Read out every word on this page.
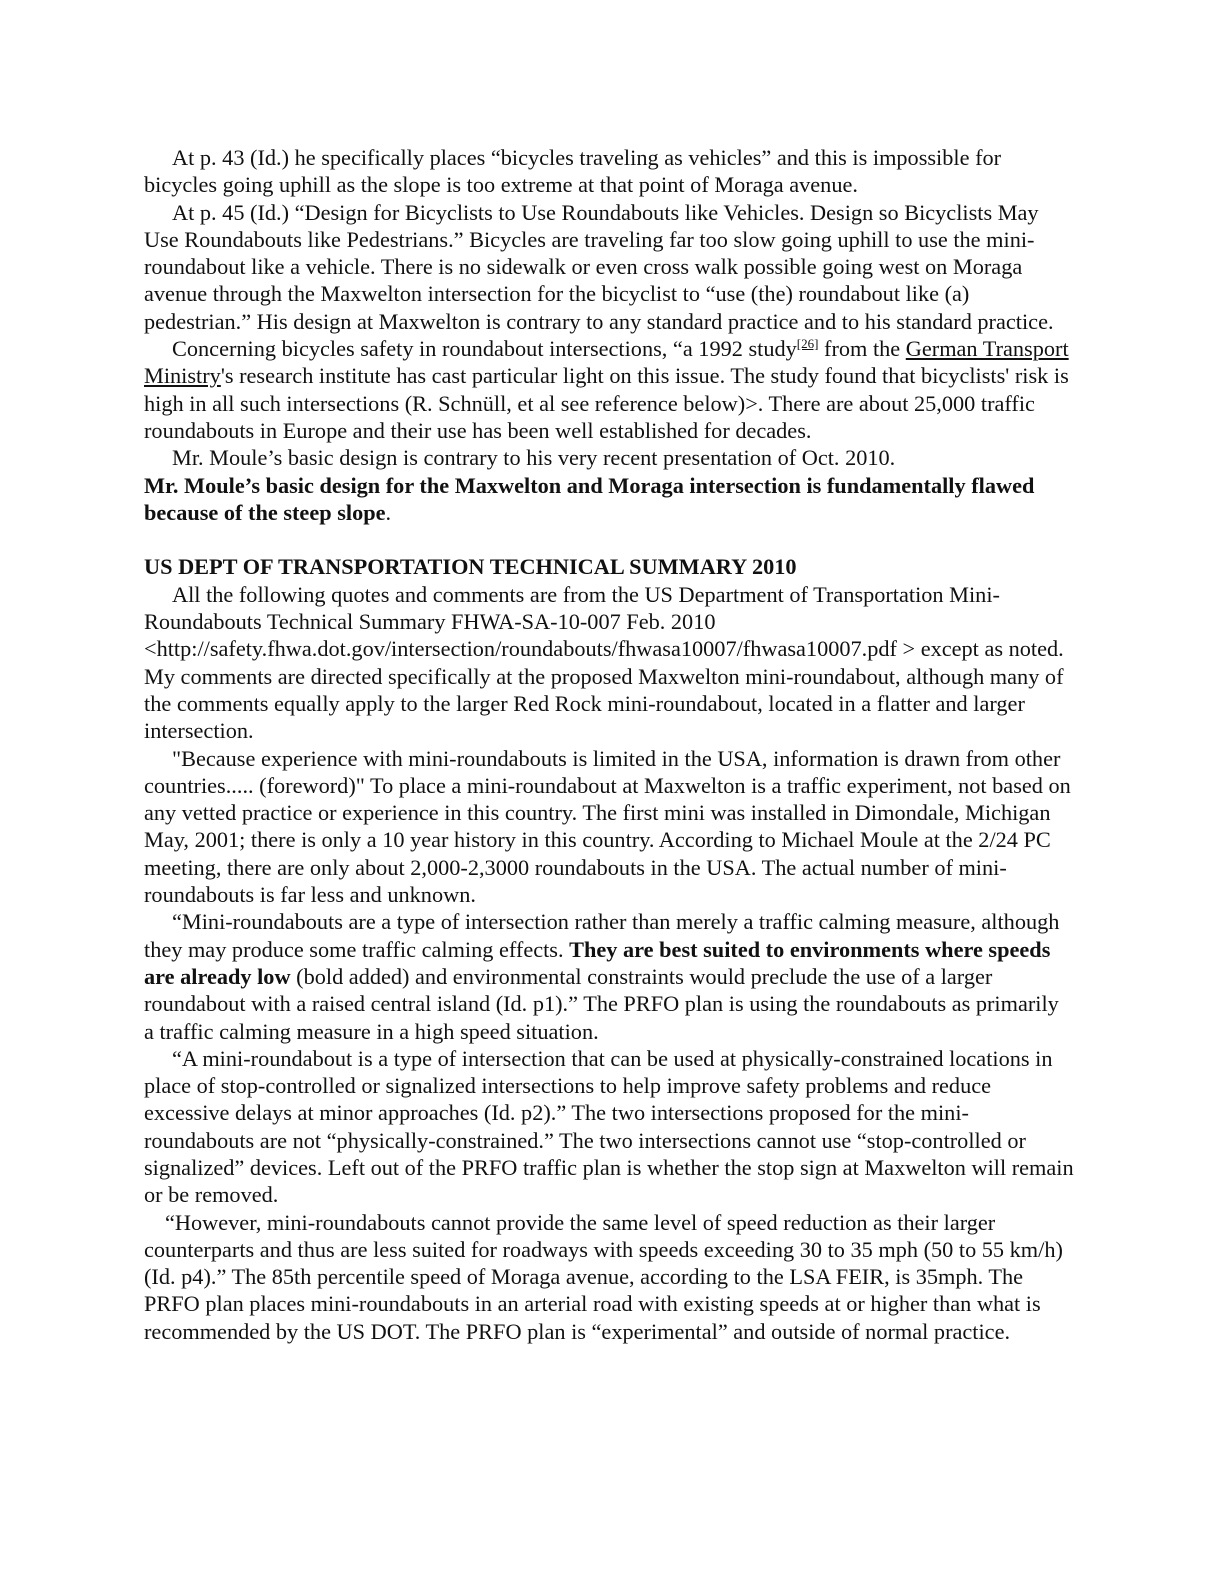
At p. 43 (Id.) he specifically places “bicycles traveling as vehicles” and this is impossible for bicycles going uphill as the slope is too extreme at that point of Moraga avenue.

At p. 45 (Id.) “Design for Bicyclists to Use Roundabouts like Vehicles. Design so Bicyclists May Use Roundabouts like Pedestrians.” Bicycles are traveling far too slow going uphill to use the mini-roundabout like a vehicle. There is no sidewalk or even cross walk possible going west on Moraga avenue through the Maxwelton intersection for the bicyclist to “use (the) roundabout like (a) pedestrian.” His design at Maxwelton is contrary to any standard practice and to his standard practice.

Concerning bicycles safety in roundabout intersections, “a 1992 study[26] from the German Transport Ministry's research institute has cast particular light on this issue. The study found that bicyclists' risk is high in all such intersections (R. Schnüll, et al see reference below)>. There are about 25,000 traffic roundabouts in Europe and their use has been well established for decades.

Mr. Moule’s basic design is contrary to his very recent presentation of Oct. 2010.

Mr. Moule’s basic design for the Maxwelton and Moraga intersection is fundamentally flawed because of the steep slope.

US DEPT OF TRANSPORTATION TECHNICAL SUMMARY 2010

All the following quotes and comments are from the US Department of Transportation Mini-Roundabouts Technical Summary FHWA-SA-10-007 Feb. 2010 <http://safety.fhwa.dot.gov/intersection/roundabouts/fhwasa10007/fhwasa10007.pdf > except as noted. My comments are directed specifically at the proposed Maxwelton mini-roundabout, although many of the comments equally apply to the larger Red Rock mini-roundabout, located in a flatter and larger intersection.

"Because experience with mini-roundabouts is limited in the USA, information is drawn from other countries..... (foreword)" To place a mini-roundabout at Maxwelton is a traffic experiment, not based on any vetted practice or experience in this country. The first mini was installed in Dimondale, Michigan May, 2001; there is only a 10 year history in this country. According to Michael Moule at the 2/24 PC meeting, there are only about 2,000-2,3000 roundabouts in the USA. The actual number of mini-roundabouts is far less and unknown.

“Mini-roundabouts are a type of intersection rather than merely a traffic calming measure, although they may produce some traffic calming effects. They are best suited to environments where speeds are already low (bold added) and environmental constraints would preclude the use of a larger roundabout with a raised central island (Id. p1).” The PRFO plan is using the roundabouts as primarily a traffic calming measure in a high speed situation.

“A mini-roundabout is a type of intersection that can be used at physically-constrained locations in place of stop-controlled or signalized intersections to help improve safety problems and reduce excessive delays at minor approaches (Id. p2).” The two intersections proposed for the mini-roundabouts are not “physically-constrained.” The two intersections cannot use “stop-controlled or signalized” devices. Left out of the PRFO traffic plan is whether the stop sign at Maxwelton will remain or be removed.

“However, mini-roundabouts cannot provide the same level of speed reduction as their larger counterparts and thus are less suited for roadways with speeds exceeding 30 to 35 mph (50 to 55 km/h) (Id. p4).” The 85th percentile speed of Moraga avenue, according to the LSA FEIR, is 35mph. The PRFO plan places mini-roundabouts in an arterial road with existing speeds at or higher than what is recommended by the US DOT. The PRFO plan is “experimental” and outside of normal practice.
